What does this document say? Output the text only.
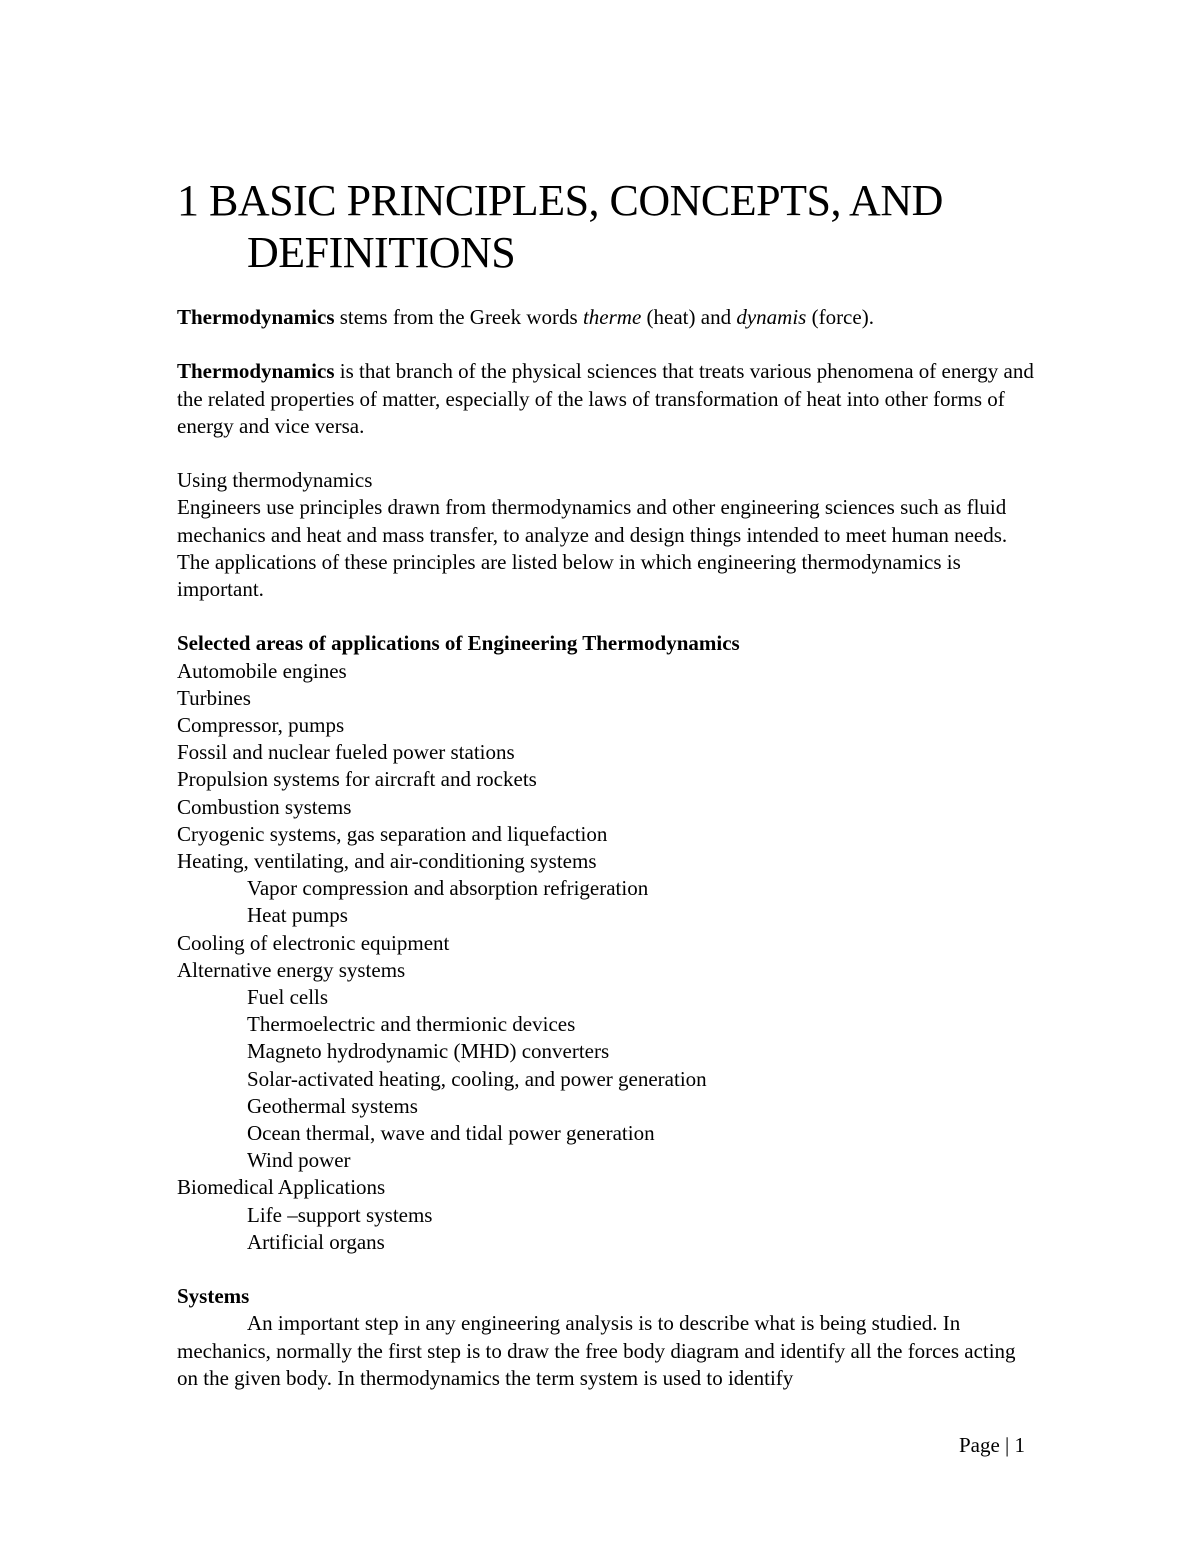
1 BASIC PRINCIPLES, CONCEPTS, AND
DEFINITIONS

Thermodynamics stems from the Greek words therme (heat) and dynamis (force).

Thermodynamics is that branch of the physical sciences that treats various phenomena of energy and the related properties of matter, especially of the laws of transformation of heat into other forms of energy and vice versa.

Using thermodynamics

Engineers use principles drawn from thermodynamics and other engineering sciences such as fluid mechanics and heat and mass transfer, to analyze and design things intended to meet human needs. The applications of these principles are listed below in which engineering thermodynamics is important.

Selected areas of applications of Engineering Thermodynamics

Automobile engines

Turbines

Compressor, pumps

Fossil and nuclear fueled power stations

Propulsion systems for aircraft and rockets

Combustion systems

Cryogenic systems, gas separation and liquefaction

Heating, ventilating, and air-conditioning systems

Vapor compression and absorption refrigeration

Heat pumps

Cooling of electronic equipment

Alternative energy systems

Fuel cells

Thermoelectric and thermionic devices

Magneto hydrodynamic (MHD) converters

Solar-activated heating, cooling, and power generation

Geothermal systems

Ocean thermal, wave and tidal power generation

Wind power

Biomedical Applications

Life –support systems

Artificial organs

Systems

An important step in any engineering analysis is to describe what is being studied. In mechanics, normally the first step is to draw the free body diagram and identify all the forces acting on the given body. In thermodynamics the term system is used to identify

Page | 1
